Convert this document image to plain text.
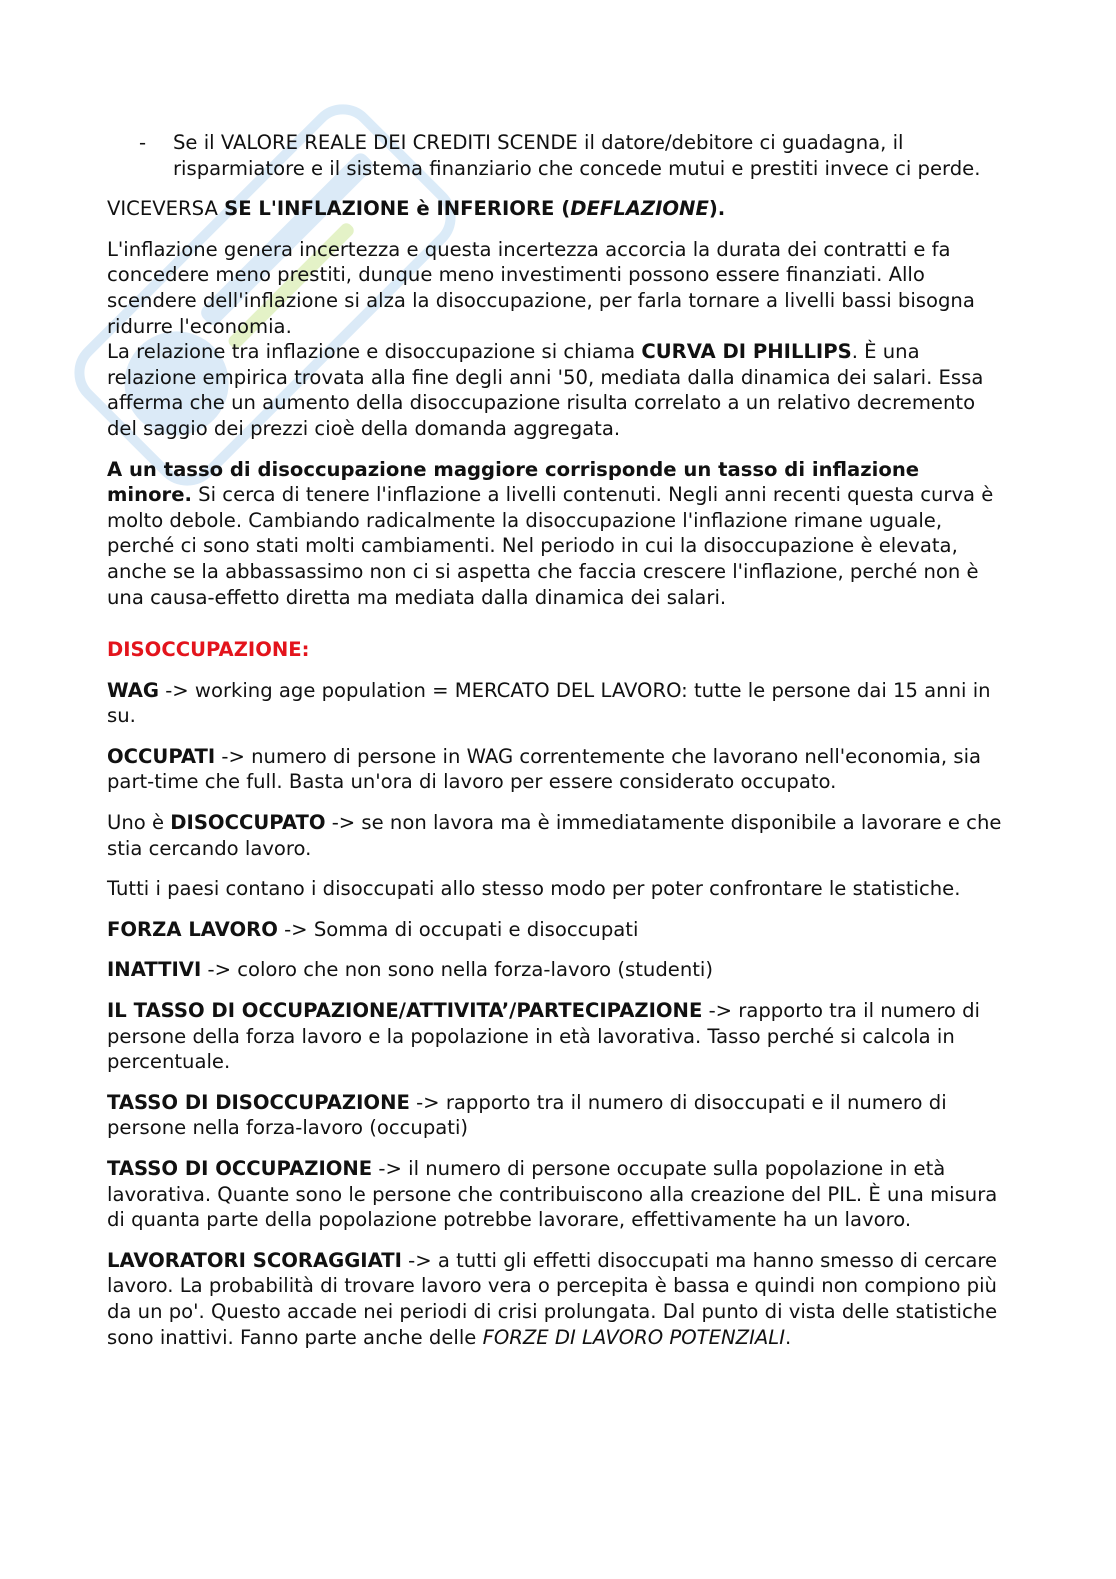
- Se il VALORE REALE DEI CREDITI SCENDE il datore/debitore ci guadagna, il risparmiatore e il sistema finanziario che concede mutui e prestiti invece ci perde.

VICEVERSA SE L'INFLAZIONE è INFERIORE (DEFLAZIONE).

L'inflazione genera incertezza e questa incertezza accorcia la durata dei contratti e fa concedere meno prestiti, dunque meno investimenti possono essere finanziati. Allo scendere dell'inflazione si alza la disoccupazione, per farla tornare a livelli bassi bisogna ridurre l'economia.

La relazione tra inflazione e disoccupazione si chiama CURVA DI PHILLIPS. È una relazione empirica trovata alla fine degli anni '50, mediata dalla dinamica dei salari. Essa afferma che un aumento della disoccupazione risulta correlato a un relativo decremento del saggio dei prezzi cioè della domanda aggregata.

A un tasso di disoccupazione maggiore corrisponde un tasso di inflazione minore. Si cerca di tenere l'inflazione a livelli contenuti. Negli anni recenti questa curva è molto debole. Cambiando radicalmente la disoccupazione l'inflazione rimane uguale, perché ci sono stati molti cambiamenti. Nel periodo in cui la disoccupazione è elevata, anche se la abbassassimo non ci si aspetta che faccia crescere l'inflazione, perché non è una causa-effetto diretta ma mediata dalla dinamica dei salari.

DISOCCUPAZIONE:

WAG -> working age population = MERCATO DEL LAVORO: tutte le persone dai 15 anni in su.

OCCUPATI -> numero di persone in WAG correntemente che lavorano nell'economia, sia part-time che full. Basta un'ora di lavoro per essere considerato occupato.

Uno è DISOCCUPATO -> se non lavora ma è immediatamente disponibile a lavorare e che stia cercando lavoro.

Tutti i paesi contano i disoccupati allo stesso modo per poter confrontare le statistiche.

FORZA LAVORO -> Somma di occupati e disoccupati

INATTIVI -> coloro che non sono nella forza-lavoro (studenti)

IL TASSO DI OCCUPAZIONE/ATTIVITA’/PARTECIPAZIONE -> rapporto tra il numero di persone della forza lavoro e la popolazione in età lavorativa. Tasso perché si calcola in percentuale.

TASSO DI DISOCCUPAZIONE -> rapporto tra il numero di disoccupati e il numero di persone nella forza-lavoro (occupati)

TASSO DI OCCUPAZIONE -> il numero di persone occupate sulla popolazione in età lavorativa. Quante sono le persone che contribuiscono alla creazione del PIL. È una misura di quanta parte della popolazione potrebbe lavorare, effettivamente ha un lavoro.

LAVORATORI SCORAGGIATI -> a tutti gli effetti disoccupati ma hanno smesso di cercare lavoro. La probabilità di trovare lavoro vera o percepita è bassa e quindi non compiono più da un po'. Questo accade nei periodi di crisi prolungata. Dal punto di vista delle statistiche sono inattivi. Fanno parte anche delle FORZE DI LAVORO POTENZIALI.
